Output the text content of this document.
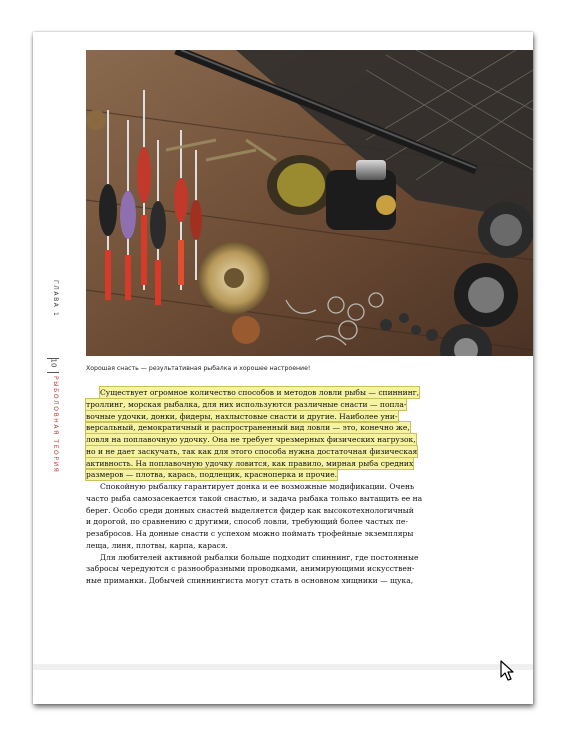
Хорошая снасть — результативная рыбалка и хорошее настроение!
ГЛАВА 1
10
РЫБОЛОВНАЯ ТЕОРИЯ	Существует огромное количество способов и методов ловли рыбы — спиннинг,
троллинг, морская рыбалка, для них используются различные снасти — попла-
вочные удочки, донки, фидеры, нахлыстовые снасти и другие. Наиболее уни-
версальный, демократичный и распространенный вид ловли — это, конечно же,
ловля на поплавочную удочку. Она не требует чрезмерных физических нагрузок,
но и не дает заскучать, так как для этого способа нужна достаточная физическая
активность. На поплавочную удочку ловится, как правило, мирная рыба средних
размеров — плотва, карась, подлещик, красноперка и прочие.

Спокойную рыбалку гарантирует донка и ее возможные модификации. Очень
часто рыба самозасекается такой снастью, и задача рыбака только вытащить ее на
берег. Особо среди донных снастей выделяется фидер как высокотехнологичный
и дорогой, по сравнению с другими, способ ловли, требующий более частых пе-
резабросов. На донные снасти с успехом можно поймать трофейные экземпляры
леща, линя, плотвы, карпа, карася.

Для любителей активной рыбалки больше подходит спиннинг, где постоянные
забросы чередуются с разнообразными проводками, анимирующими искусствен-
ные приманки. Добычей спиннингиста могут стать в основном хищники — щука,
